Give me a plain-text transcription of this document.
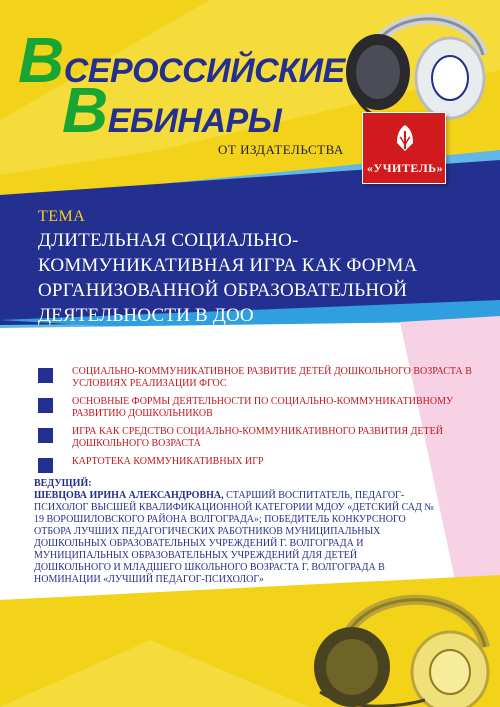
ВСЕРОССИЙСКИЕ
ВЕБИНАРЫ
ОТ ИЗДАТЕЛЬСТВА
«УЧИТЕЛЬ»
ТЕМА
ДЛИТЕЛЬНАЯ СОЦИАЛЬНО-КОММУНИКАТИВНАЯ ИГРА КАК ФОРМА ОРГАНИЗОВАННОЙ ОБРАЗОВАТЕЛЬНОЙ ДЕЯТЕЛЬНОСТИ В ДОО
СОЦИАЛЬНО-КОММУНИКАТИВНОЕ РАЗВИТИЕ ДЕТЕЙ ДОШКОЛЬНОГО ВОЗРАСТА В УСЛОВИЯХ РЕАЛИЗАЦИИ ФГОС
ОСНОВНЫЕ ФОРМЫ ДЕЯТЕЛЬНОСТИ ПО СОЦИАЛЬНО-КОММУНИКАТИВНОМУ РАЗВИТИЮ ДОШКОЛЬНИКОВ
ИГРА КАК СРЕДСТВО СОЦИАЛЬНО-КОММУНИКАТИВНОГО РАЗВИТИЯ ДЕТЕЙ ДОШКОЛЬНОГО ВОЗРАСТА
КАРТОТЕКА КОММУНИКАТИВНЫХ ИГР
ВЕДУЩИЙ:
ШЕВЦОВА ИРИНА АЛЕКСАНДРОВНА, СТАРШИЙ ВОСПИТАТЕЛЬ, ПЕДАГОГ-ПСИХОЛОГ ВЫСШЕЙ КВАЛИФИКАЦИОННОЙ КАТЕГОРИИ МДОУ «ДЕТСКИЙ САД № 19 ВОРОШИЛОВСКОГО РАЙОНА ВОЛГОГРАДА»; ПОБЕДИТЕЛЬ КОНКУРСНОГО ОТБОРА ЛУЧШИХ ПЕДАГОГИЧЕСКИХ РАБОТНИКОВ МУНИЦИПАЛЬНЫХ ДОШКОЛЬНЫХ ОБРАЗОВАТЕЛЬНЫХ УЧРЕЖДЕНИЙ Г. ВОЛГОГРАДА И МУНИЦИПАЛЬНЫХ ОБРАЗОВАТЕЛЬНЫХ УЧРЕЖДЕНИЙ ДЛЯ ДЕТЕЙ ДОШКОЛЬНОГО И МЛАДШЕГО ШКОЛЬНОГО ВОЗРАСТА Г. ВОЛГОГРАДА В НОМИНАЦИИ «ЛУЧШИЙ ПЕДАГОГ-ПСИХОЛОГ»
